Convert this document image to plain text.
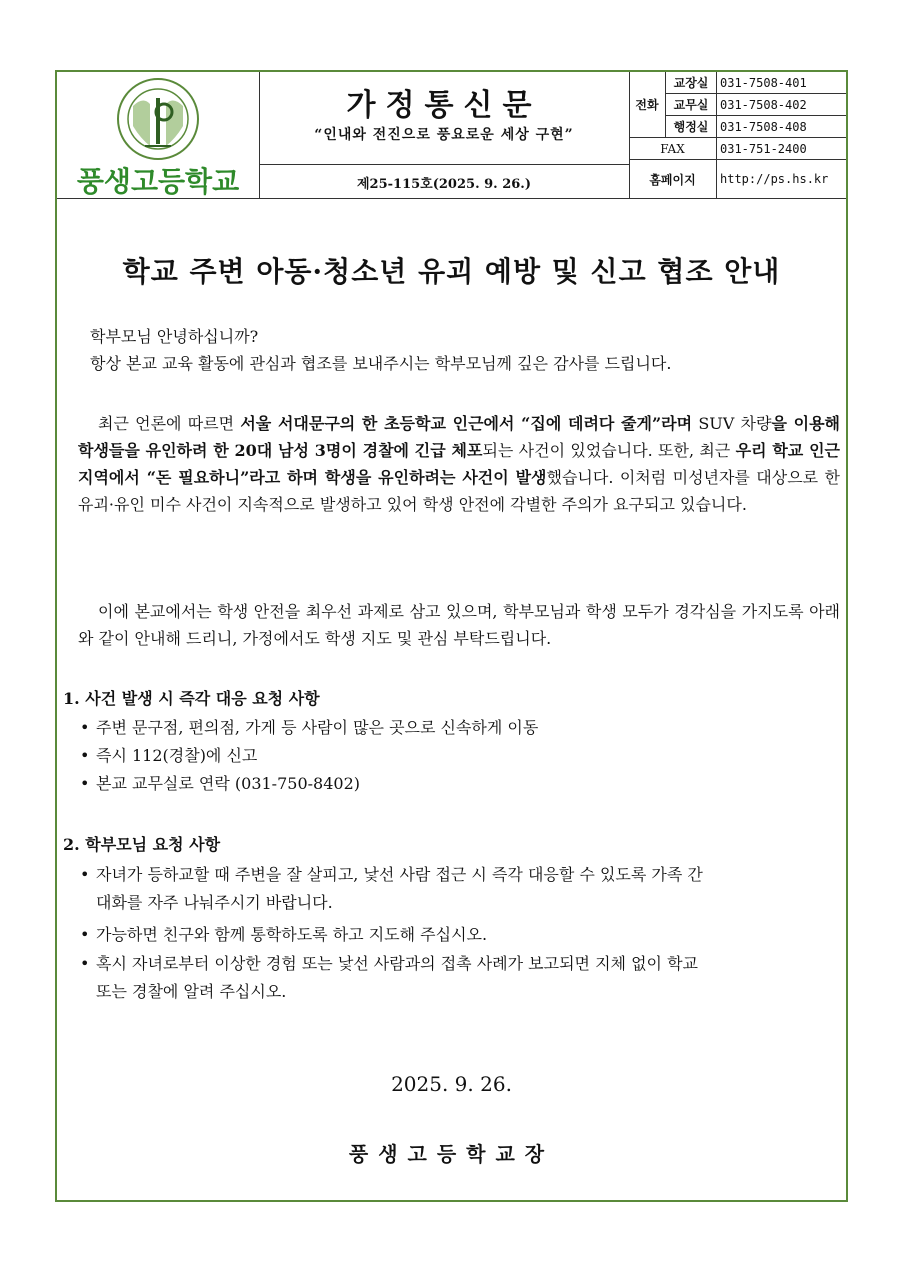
풍생고등학교
가정통신문
“인내와 전진으로 풍요로운 세상 구현”
제25-115호(2025. 9. 26.)
전화	교장실	031-7508-401
	교무실	031-7508-402
	행정실	031-7508-408
FAX		031-751-2400
홈페이지		http://ps.hs.kr
학교 주변 아동·청소년 유괴 예방 및 신고 협조 안내
학부모님 안녕하십니까?
항상 본교 교육 활동에 관심과 협조를 보내주시는 학부모님께 깊은 감사를 드립니다.
최근 언론에 따르면 서울 서대문구의 한 초등학교 인근에서 “집에 데려다 줄게”라며 SUV 차량을 이용해 학생들을 유인하려 한 20대 남성 3명이 경찰에 긴급 체포되는 사건이 있었습니다. 또한, 최근 우리 학교 인근 지역에서 “돈 필요하니”라고 하며 학생을 유인하려는 사건이 발생했습니다. 이처럼 미성년자를 대상으로 한 유괴·유인 미수 사건이 지속적으로 발생하고 있어 학생 안전에 각별한 주의가 요구되고 있습니다.
이에 본교에서는 학생 안전을 최우선 과제로 삼고 있으며, 학부모님과 학생 모두가 경각심을 가지도록 아래와 같이 안내해 드리니, 가정에서도 학생 지도 및 관심 부탁드립니다.
1. 사건 발생 시 즉각 대응 요청 사항
• 주변 문구점, 편의점, 가게 등 사람이 많은 곳으로 신속하게 이동
• 즉시 112(경찰)에 신고
• 본교 교무실로 연락 (031-750-8402)
2. 학부모님 요청 사항
• 자녀가 등하교할 때 주변을 잘 살피고, 낯선 사람 접근 시 즉각 대응할 수 있도록 가족 간
대화를 자주 나눠주시기 바랍니다.
• 가능하면 친구와 함께 통학하도록 하고 지도해 주십시오.
• 혹시 자녀로부터 이상한 경험 또는 낯선 사람과의 접촉 사례가 보고되면 지체 없이 학교
또는 경찰에 알려 주십시오.
2025. 9. 26.
풍생고등학교장
